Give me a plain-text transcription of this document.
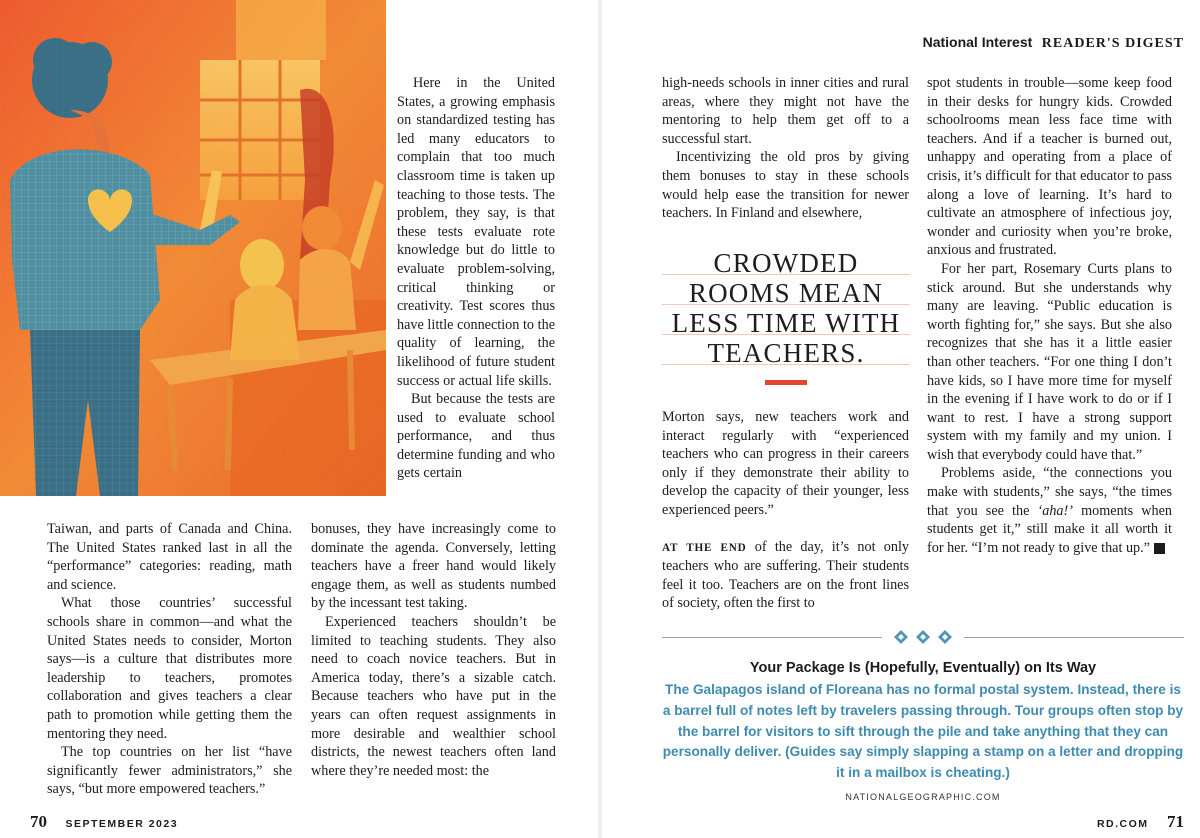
Here in the United States, a growing emphasis on standardized testing has led many educators to complain that too much classroom time is taken up teaching to those tests. The problem, they say, is that these tests evaluate rote knowledge but do little to evaluate problem-solving, critical thinking or creativity. Test scores thus have little connection to the quality of learning, the likelihood of future student success or actual life skills.

But because the tests are used to evaluate school performance, and thus determine funding and who gets certain

Taiwan, and parts of Canada and China. The United States ranked last in all the “performance” categories: reading, math and science.

What those countries’ successful schools share in common—and what the United States needs to consider, Morton says—is a culture that distributes more leadership to teachers, promotes collaboration and gives teachers a clear path to promotion while getting them the mentoring they need.

The top countries on her list “have significantly fewer administrators,” she says, “but more empowered teachers.”

bonuses, they have increasingly come to dominate the agenda. Conversely, letting teachers have a freer hand would likely engage them, as well as students numbed by the incessant test taking.

Experienced teachers shouldn’t be limited to teaching students. They also need to coach novice teachers. But in America today, there’s a sizable catch. Because teachers who have put in the years can often request assignments in more desirable and wealthier school districts, the newest teachers often land where they’re needed most: the

70 SEPTEMBER 2023
National Interest READER'S DIGEST

high-needs schools in inner cities and rural areas, where they might not have the mentoring to help them get off to a successful start.

Incentivizing the old pros by giving them bonuses to stay in these schools would help ease the transition for newer teachers. In Finland and elsewhere,

CROWDED ROOMS MEAN LESS TIME WITH TEACHERS.

Morton says, new teachers work and interact regularly with “experienced teachers who can progress in their careers only if they demonstrate their ability to develop the capacity of their younger, less experienced peers.”

AT THE END of the day, it’s not only teachers who are suffering. Their students feel it too. Teachers are on the front lines of society, often the first to

spot students in trouble—some keep food in their desks for hungry kids. Crowded schoolrooms mean less face time with teachers. And if a teacher is burned out, unhappy and operating from a place of crisis, it’s difficult for that educator to pass along a love of learning. It’s hard to cultivate an atmosphere of infectious joy, wonder and curiosity when you’re broke, anxious and frustrated.

For her part, Rosemary Curts plans to stick around. But she understands why many are leaving. “Public education is worth fighting for,” she says. But she also recognizes that she has it a little easier than other teachers. “For one thing I don’t have kids, so I have more time for myself in the evening if I have work to do or if I want to rest. I have a strong support system with my family and my union. I wish that everybody could have that.”

Problems aside, “the connections you make with students,” she says, “the times that you see the ‘aha!’ moments when students get it,” still make it all worth it for her. “I’m not ready to give that up.” R

Your Package Is (Hopefully, Eventually) on Its Way

The Galapagos island of Floreana has no formal postal system. Instead, there is a barrel full of notes left by travelers passing through. Tour groups often stop by the barrel for visitors to sift through the pile and take anything that they can personally deliver. (Guides say simply slapping a stamp on a letter and dropping it in a mailbox is cheating.)

NATIONALGEOGRAPHIC.COM
RD.COM 71
